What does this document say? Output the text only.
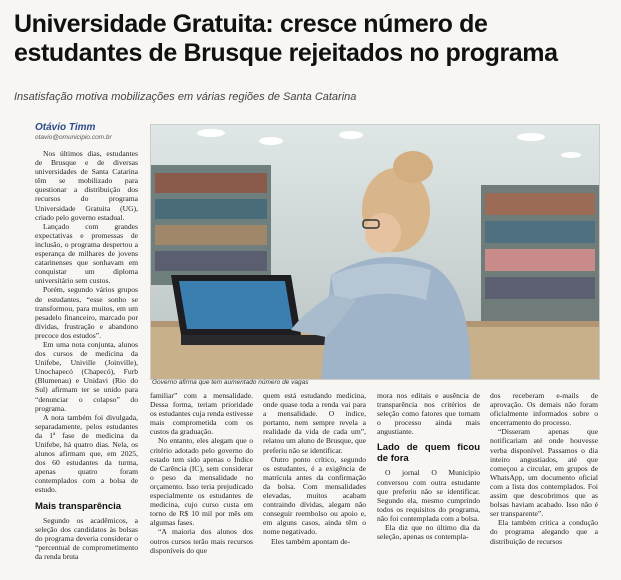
Universidade Gratuita: cresce número de
estudantes de Brusque rejeitados no programa
Insatisfação motiva mobilizações em várias regiões de Santa Catarina
Otávio Timm
otavio@omunicipio.com.br

Nos últimos dias, estudantes de Brusque e de diversas universidades de Santa Catarina têm se mobilizado para questionar a distribuição dos recursos do programa Universidade Gratuita (UG), criado pelo governo estadual.

Lançado com grandes expectativas e promessas de inclusão, o programa despertou a esperança de milhares de jovens catarinenses que sonhavam em conquistar um diploma universitário sem custos.

Porém, segundo vários grupos de estudantes, “esse sonho se transformou, para muitos, em um pesadelo financeiro, marcado por dívidas, frustração e abandono precoce dos estudos”.

Em uma nota conjunta, alunos dos cursos de medicina da Unifebe, Univille (Joinville), Unochapecó (Chapecó), Furb (Blumenau) e Unidavi (Rio do Sul) afirmam ter se unido para “denunciar o colapso” do programa.

A nota também foi divulgada, separadamente, pelos estudantes da 1ª fase de medicina da Unifebe, há quatro dias. Nela, os alunos afirmam que, em 2025, dos 60 estudantes da turma, apenas quatro foram contemplados com a bolsa de estudo.

Mais transparência

Segundo os acadêmicos, a seleção dos candidatos às bolsas do programa deveria considerar o “percentual de comprometimento da renda bruta

Governo afirma que tem aumentado número de vagas

familiar” com a mensalidade. Dessa forma, teriam prioridade os estudantes cuja renda estivesse mais comprometida com os custos da graduação.

No entanto, eles alegam que o critério adotado pelo governo do estado tem sido apenas o Índice de Carência (IC), sem considerar o peso da mensalidade no orçamento. Isso teria prejudicado especialmente os estudantes de medicina, cujo curso custa em torno de R$ 10 mil por mês em algumas fases.

“A maioria dos alunos dos outros cursos terão mais recursos disponíveis do que

quem está estudando medicina, onde quase toda a renda vai para a mensalidade. O índice, portanto, nem sempre revela a realidade da vida de cada um”, relatou um aluno de Brusque, que preferiu não se identificar.

Outro ponto crítico, segundo os estudantes, é a exigência de matrícula antes da confirmação da bolsa. Com mensalidades elevadas, muitos acabam contraindo dívidas, alegam não conseguir reembolso ou apoio e, em alguns casos, ainda têm o nome negativado.

Eles também apontam de-

mora nos editais e ausência de transparência nos critérios de seleção como fatores que tornam o processo ainda mais angustiante.

Lado de quem ficou de fora

O jornal O Município conversou com outra estudante que preferiu não se identificar. Segundo ela, mesmo cumprindo todos os requisitos do programa, não foi contemplada com a bolsa.

Ela diz que no último dia da seleção, apenas os contempla-

dos receberam e-mails de aprovação. Os demais não foram oficialmente informados sobre o encerramento do processo.

“Disseram apenas que notificariam até onde houvesse verba disponível. Passamos o dia inteiro angustiados, até que começou a circular, em grupos de WhatsApp, um documento oficial com a lista dos contemplados. Foi assim que descobrimos que as bolsas haviam acabado. Isso não é ser transparente”.

Ela também critica a condução do programa alegando que a distribuição de recursos
